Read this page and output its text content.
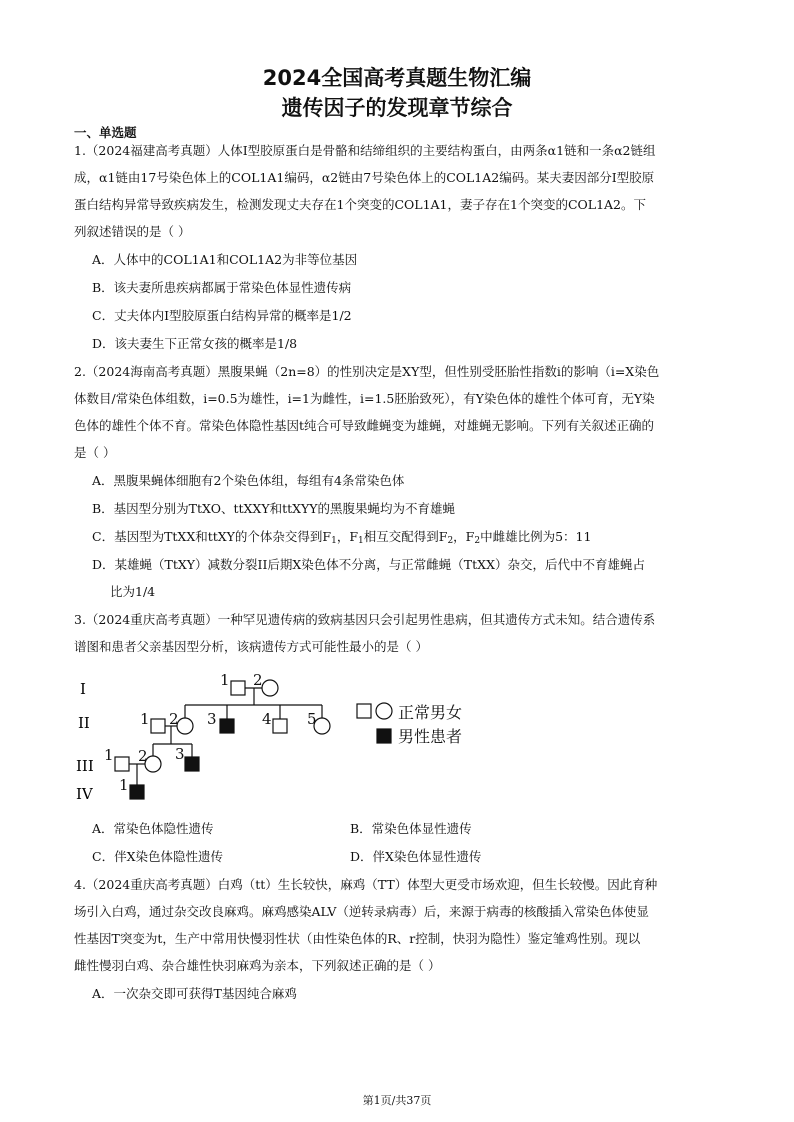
2024全国高考真题生物汇编
遗传因子的发现章节综合
一、单选题
1.（2024福建高考真题）人体Ⅰ型胶原蛋白是骨骼和结缔组织的主要结构蛋白，由两条α1链和一条α2链组
成，α1链由17号染色体上的COL1A1编码，α2链由7号染色体上的COL1A2编码。某夫妻因部分Ⅰ型胶原
蛋白结构异常导致疾病发生，检测发现丈夫存在1个突变的COL1A1，妻子存在1个突变的COL1A2。下
列叙述错误的是（ ）
A．人体中的COL1A1和COL1A2为非等位基因
B．该夫妻所患疾病都属于常染色体显性遗传病
C．丈夫体内Ⅰ型胶原蛋白结构异常的概率是1/2
D．该夫妻生下正常女孩的概率是1/8
2.（2024海南高考真题）黑腹果蝇（2n=8）的性别决定是XY型，但性别受胚胎性指数i的影响（i=X染色
体数目/常染色体组数，i=0.5为雄性，i=1为雌性，i=1.5胚胎致死），有Y染色体的雄性个体可育，无Y染
色体的雄性个体不育。常染色体隐性基因t纯合可导致雌蝇变为雄蝇，对雄蝇无影响。下列有关叙述正确的
是（ ）
A．黑腹果蝇体细胞有2个染色体组，每组有4条常染色体
B．基因型分别为TtXO、ttXXY和ttXYY的黑腹果蝇均为不育雄蝇
C．基因型为TtXX和ttXY的个体杂交得到$F_1$，$F_1$相互交配得到$F_2$，$F_2$中雌雄比例为5：11
D．某雄蝇（TtXY）减数分裂II后期X染色体不分离，与正常雌蝇（TtXX）杂交，后代中不育雄蝇占
比为1/4
3.（2024重庆高考真题）一种罕见遗传病的致病基因只会引起男性患病，但其遗传方式未知。结合遗传系
谱图和患者父亲基因型分析，该病遗传方式可能性最小的是（ ）
I
II
III
IV
1 2
1 2 3	4 5
1 2 3
1
正常男女
男性患者
A．常染色体隐性遗传	B．常染色体显性遗传
C．伴X染色体隐性遗传	D．伴X染色体显性遗传
4.（2024重庆高考真题）白鸡（tt）生长较快，麻鸡（TT）体型大更受市场欢迎，但生长较慢。因此育种
场引入白鸡，通过杂交改良麻鸡。麻鸡感染ALV（逆转录病毒）后，来源于病毒的核酸插入常染色体使显
性基因T突变为t，生产中常用快慢羽性状（由性染色体的R、r控制，快羽为隐性）鉴定雏鸡性别。现以
雌性慢羽白鸡、杂合雄性快羽麻鸡为亲本，下列叙述正确的是（ ）
A．一次杂交即可获得T基因纯合麻鸡
第1页/共37页
